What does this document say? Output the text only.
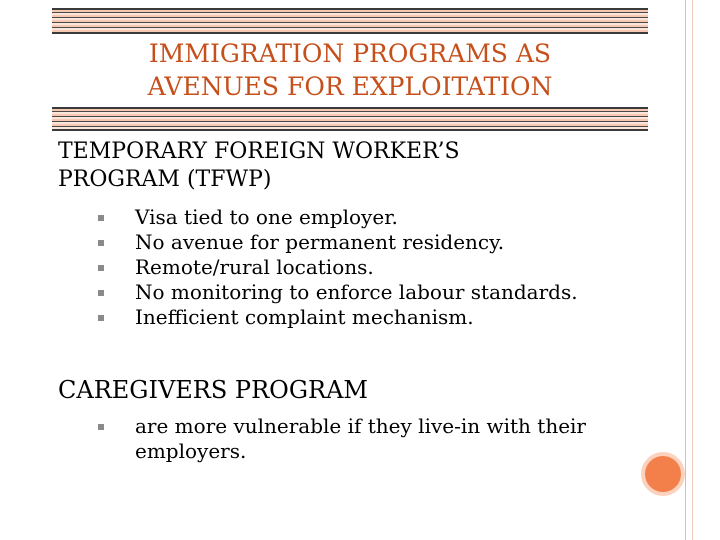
IMMIGRATION PROGRAMS AS
AVENUES FOR EXPLOITATION
TEMPORARY FOREIGN WORKER’S
PROGRAM (TFWP)
Visa tied to one employer.
No avenue for permanent residency.
Remote/rural locations.
No monitoring to enforce labour standards.
Inefficient complaint mechanism.
CAREGIVERS PROGRAM
are more vulnerable if they live-in with their
employers.
